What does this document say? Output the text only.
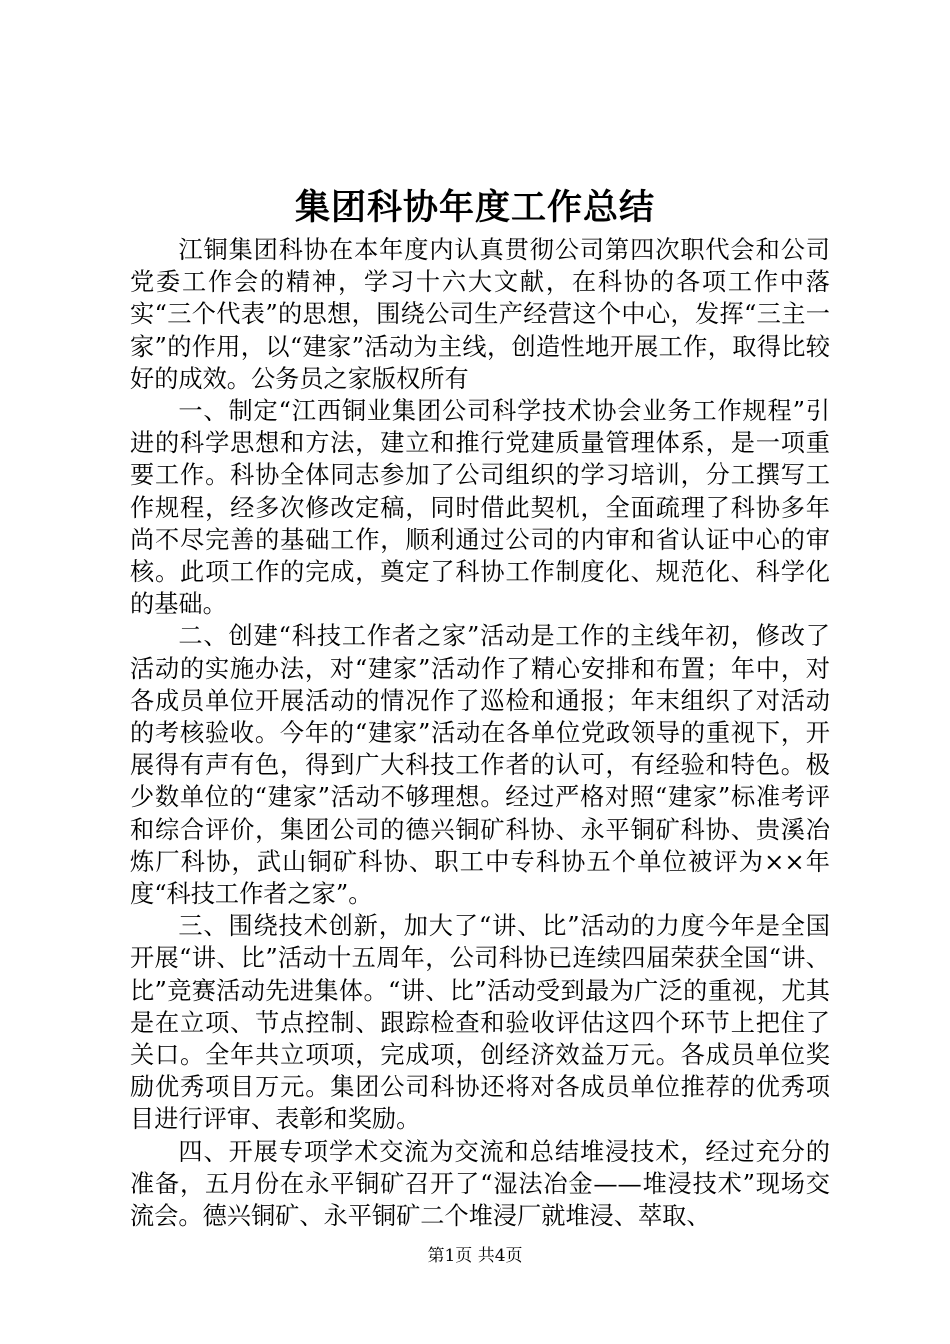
集团科协年度工作总结

江铜集团科协在本年度内认真贯彻公司第四次职代会和公司党委工作会的精神，学习十六大文献，在科协的各项工作中落实“三个代表”的思想，围绕公司生产经营这个中心，发挥“三主一家”的作用，以“建家”活动为主线，创造性地开展工作，取得比较好的成效。公务员之家版权所有

一、制定“江西铜业集团公司科学技术协会业务工作规程”引进的科学思想和方法，建立和推行党建质量管理体系，是一项重要工作。科协全体同志参加了公司组织的学习培训，分工撰写工作规程，经多次修改定稿，同时借此契机，全面疏理了科协多年尚不尽完善的基础工作，顺利通过公司的内审和省认证中心的审核。此项工作的完成，奠定了科协工作制度化、规范化、科学化的基础。

二、创建“科技工作者之家”活动是工作的主线年初，修改了活动的实施办法，对“建家”活动作了精心安排和布置；年中，对各成员单位开展活动的情况作了巡检和通报；年末组织了对活动的考核验收。今年的“建家”活动在各单位党政领导的重视下，开展得有声有色，得到广大科技工作者的认可，有经验和特色。极少数单位的“建家”活动不够理想。经过严格对照“建家”标准考评和综合评价，集团公司的德兴铜矿科协、永平铜矿科协、贵溪冶炼厂科协，武山铜矿科协、职工中专科协五个单位被评为××年度“科技工作者之家”。

三、围绕技术创新，加大了“讲、比”活动的力度今年是全国开展“讲、比”活动十五周年，公司科协已连续四届荣获全国“讲、比”竞赛活动先进集体。“讲、比”活动受到最为广泛的重视，尤其是在立项、节点控制、跟踪检查和验收评估这四个环节上把住了关口。全年共立项项，完成项，创经济效益万元。各成员单位奖励优秀项目万元。集团公司科协还将对各成员单位推荐的优秀项目进行评审、表彰和奖励。

四、开展专项学术交流为交流和总结堆浸技术，经过充分的准备，五月份在永平铜矿召开了“湿法冶金——堆浸技术”现场交流会。德兴铜矿、永平铜矿二个堆浸厂就堆浸、萃取、

第1页 共4页
